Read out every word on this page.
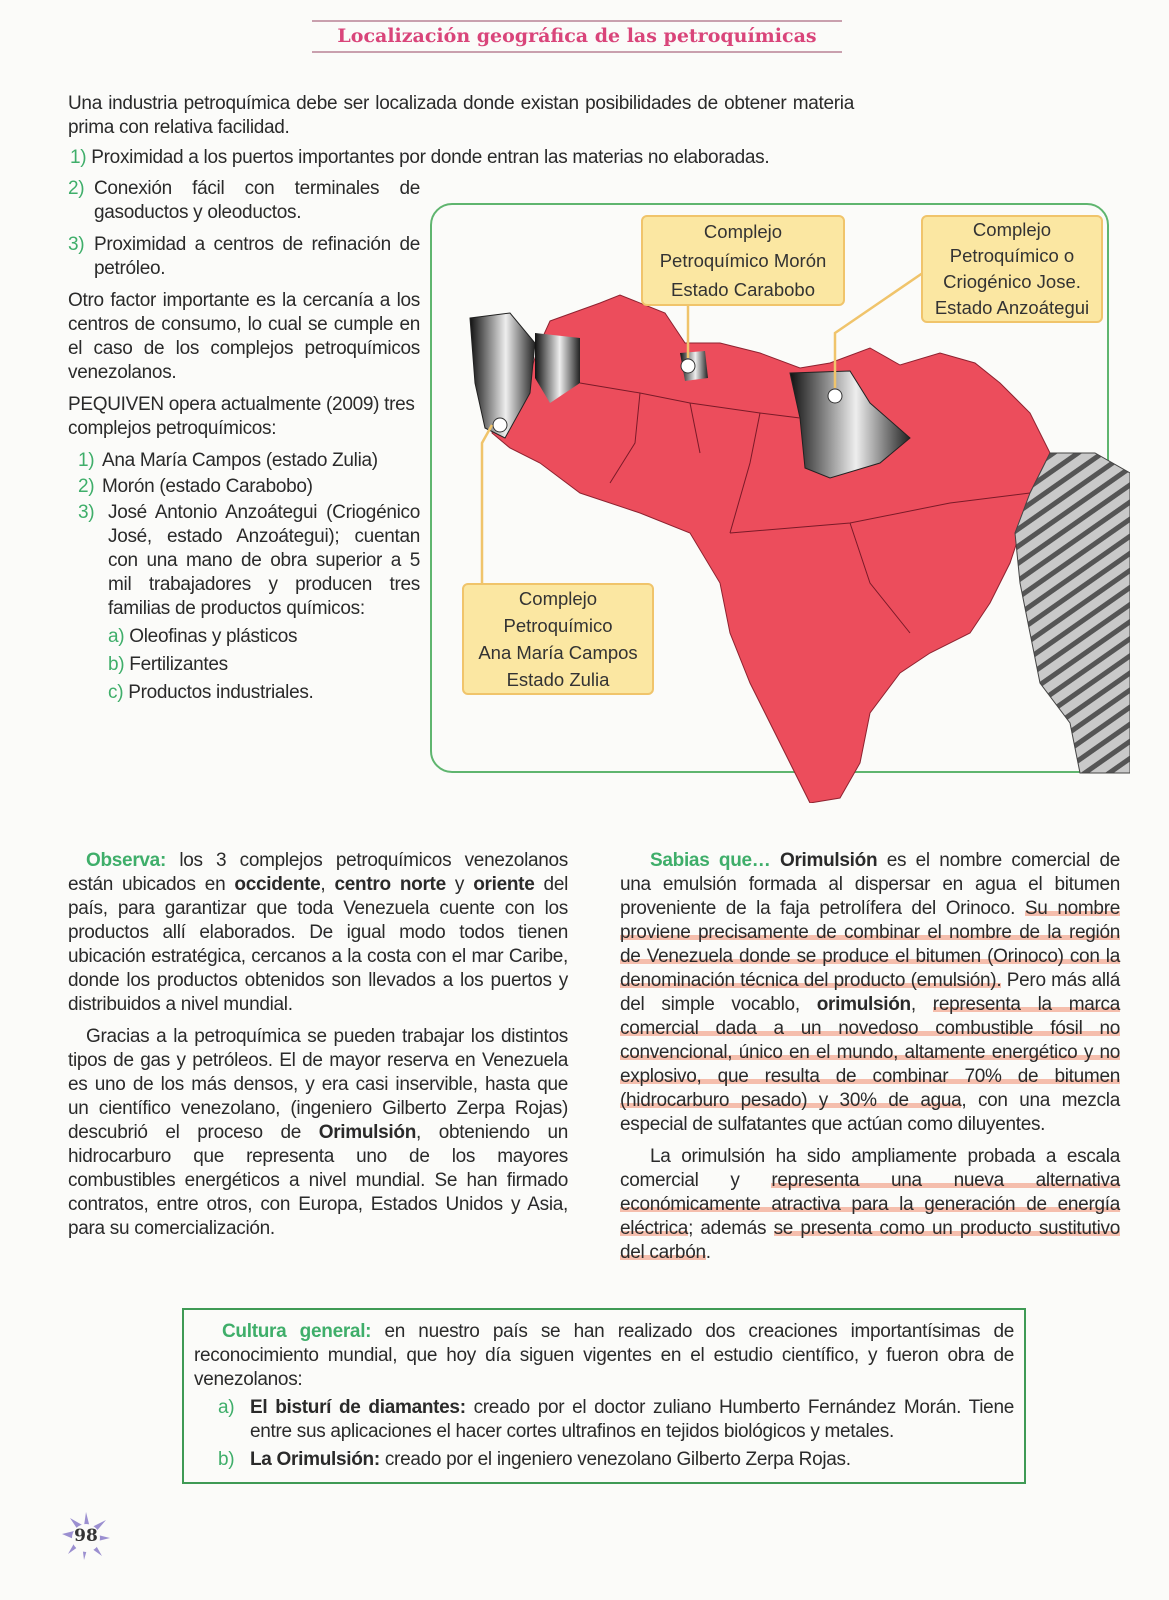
Localización geográfica de las petroquímicas
Una industria petroquímica debe ser localizada donde existan posibilidades de obtener materia prima con relativa facilidad.
1) Proximidad a los puertos importantes por donde entran las materias no elaboradas.
2) Conexión fácil con terminales de gasoductos y oleoductos.
3) Proximidad a centros de refinación de petróleo.
Otro factor importante es la cercanía a los centros de consumo, lo cual se cumple en el caso de los complejos petroquímicos venezolanos.
PEQUIVEN opera actualmente (2009) tres complejos petroquímicos:
1) Ana María Campos (estado Zulia)
2) Morón (estado Carabobo)
3) José Antonio Anzoátegui (Criogénico José, estado Anzoátegui); cuentan con una mano de obra superior a 5 mil trabajadores y producen tres familias de productos químicos:
a) Oleofinas y plásticos
b) Fertilizantes
c) Productos industriales.
Complejo
Petroquímico Morón
Estado Carabobo
Complejo
Petroquímico o
Criogénico Jose.
Estado Anzoátegui
Complejo
Petroquímico
Ana María Campos
Estado Zulia
Observa: los 3 complejos petroquímicos venezolanos están ubicados en occidente, centro norte y oriente del país, para garantizar que toda Venezuela cuente con los productos allí elaborados. De igual modo todos tienen ubicación estratégica, cercanos a la costa con el mar Caribe, donde los productos obtenidos son llevados a los puertos y distribuidos a nivel mundial.
Gracias a la petroquímica se pueden trabajar los distintos tipos de gas y petróleos. El de mayor reserva en Venezuela es uno de los más densos, y era casi inservible, hasta que un científico venezolano, (ingeniero Gilberto Zerpa Rojas) descubrió el proceso de Orimulsión, obteniendo un hidrocarburo que representa uno de los mayores combustibles energéticos a nivel mundial. Se han firmado contratos, entre otros, con Europa, Estados Unidos y Asia, para su comercialización.
Sabias que… Orimulsión es el nombre comercial de una emulsión formada al dispersar en agua el bitumen proveniente de la faja petrolífera del Orinoco. Su nombre proviene precisamente de combinar el nombre de la región de Venezuela donde se produce el bitumen (Orinoco) con la denominación técnica del producto (emulsión). Pero más allá del simple vocablo, orimulsión, representa la marca comercial dada a un novedoso combustible fósil no convencional, único en el mundo, altamente energético y no explosivo, que resulta de combinar 70% de bitumen (hidrocarburo pesado) y 30% de agua, con una mezcla especial de sulfatantes que actúan como diluyentes.
La orimulsión ha sido ampliamente probada a escala comercial y representa una nueva alternativa económicamente atractiva para la generación de energía eléctrica; además se presenta como un producto sustitutivo del carbón.
Cultura general: en nuestro país se han realizado dos creaciones importantísimas de reconocimiento mundial, que hoy día siguen vigentes en el estudio científico, y fueron obra de venezolanos:
a) El bisturí de diamantes: creado por el doctor zuliano Humberto Fernández Morán. Tiene entre sus aplicaciones el hacer cortes ultrafinos en tejidos biológicos y metales.
b) La Orimulsión: creado por el ingeniero venezolano Gilberto Zerpa Rojas.
98
